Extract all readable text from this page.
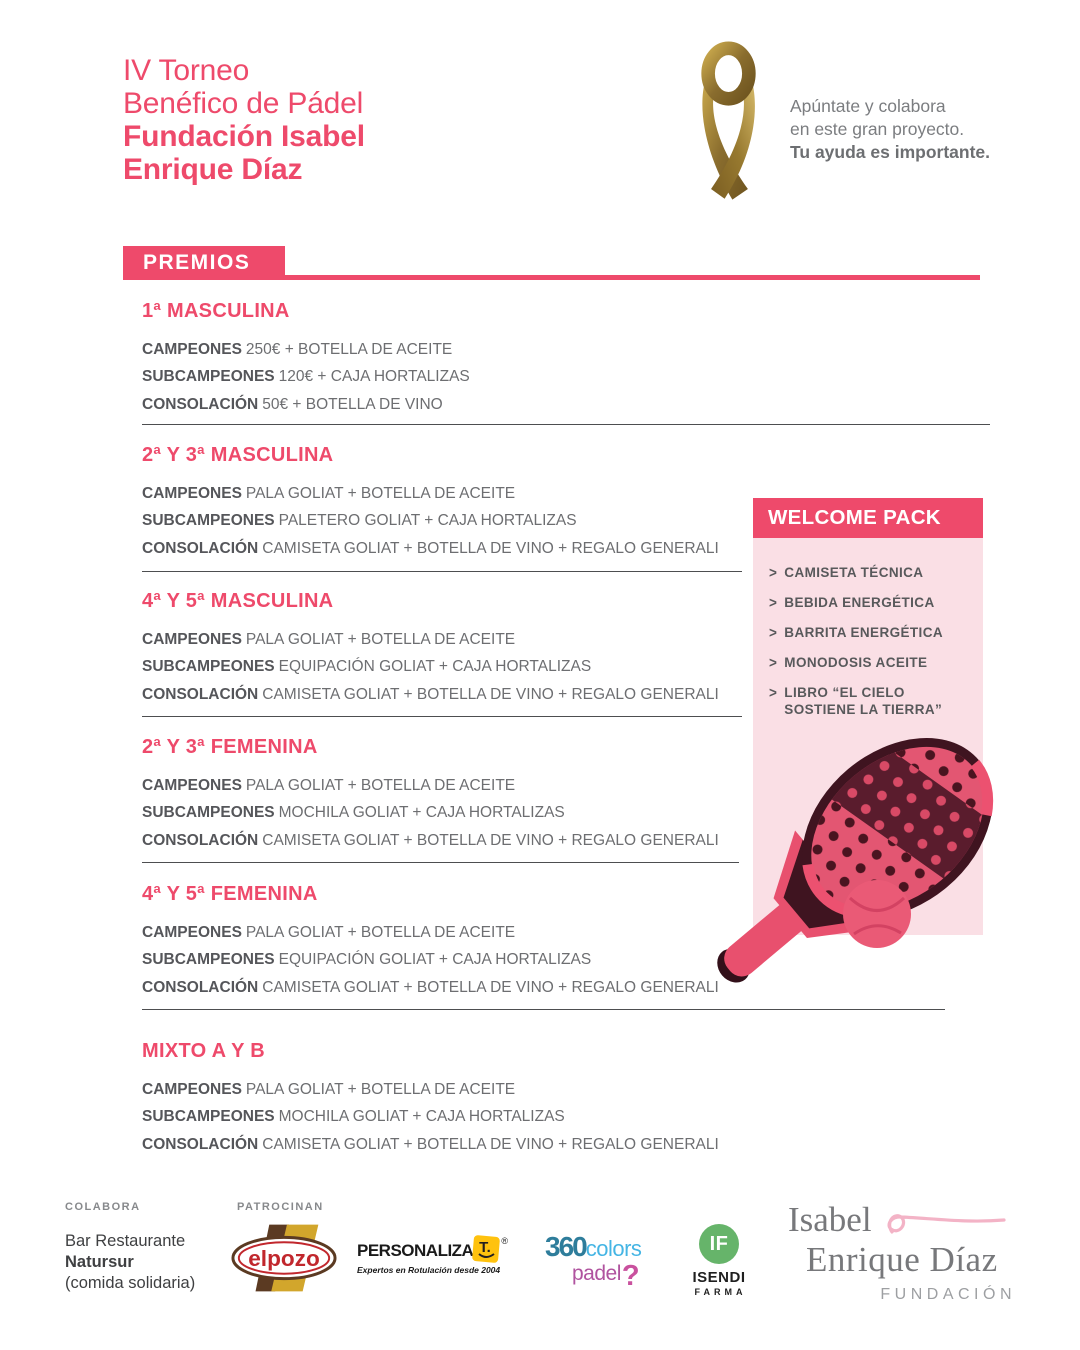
IV Torneo
Benéfico de Pádel
Fundación Isabel
Enrique Díaz
Apúntate y colabora
en este gran proyecto.
Tu ayuda es importante.
PREMIOS
1ª MASCULINA
CAMPEONES 250€ + BOTELLA DE ACEITE
SUBCAMPEONES 120€ + CAJA HORTALIZAS
CONSOLACIÓN 50€ + BOTELLA DE VINO
2ª Y 3ª MASCULINA
CAMPEONES PALA GOLIAT + BOTELLA DE ACEITE
SUBCAMPEONES PALETERO GOLIAT + CAJA HORTALIZAS
CONSOLACIÓN CAMISETA GOLIAT + BOTELLA DE VINO + REGALO GENERALI
4ª Y 5ª MASCULINA
CAMPEONES PALA GOLIAT + BOTELLA DE ACEITE
SUBCAMPEONES EQUIPACIÓN GOLIAT + CAJA HORTALIZAS
CONSOLACIÓN CAMISETA GOLIAT + BOTELLA DE VINO + REGALO GENERALI
2ª Y 3ª FEMENINA
CAMPEONES PALA GOLIAT + BOTELLA DE ACEITE
SUBCAMPEONES MOCHILA GOLIAT + CAJA HORTALIZAS
CONSOLACIÓN CAMISETA GOLIAT + BOTELLA DE VINO + REGALO GENERALI
4ª Y 5ª FEMENINA
CAMPEONES PALA GOLIAT + BOTELLA DE ACEITE
SUBCAMPEONES EQUIPACIÓN GOLIAT + CAJA HORTALIZAS
CONSOLACIÓN CAMISETA GOLIAT + BOTELLA DE VINO + REGALO GENERALI
MIXTO A Y B
CAMPEONES PALA GOLIAT + BOTELLA DE ACEITE
SUBCAMPEONES MOCHILA GOLIAT + CAJA HORTALIZAS
CONSOLACIÓN CAMISETA GOLIAT + BOTELLA DE VINO + REGALO GENERALI
WELCOME PACK
> CAMISETA TÉCNICA
> BEBIDA ENERGÉTICA
> BARRITA ENERGÉTICA
> MONODOSIS ACEITE
> LIBRO “EL CIELO SOSTIENE LA TIERRA”
COLABORA
Bar Restaurante
Natursur
(comida solidaria)
PATROCINAN
elpozo PERSONALIZA T. ®
Expertos en Rotulación desde 2004
360colors
padel?
IF
ISENDI
FARMA
Isabel
Enrique Díaz
FUNDACIÓN
